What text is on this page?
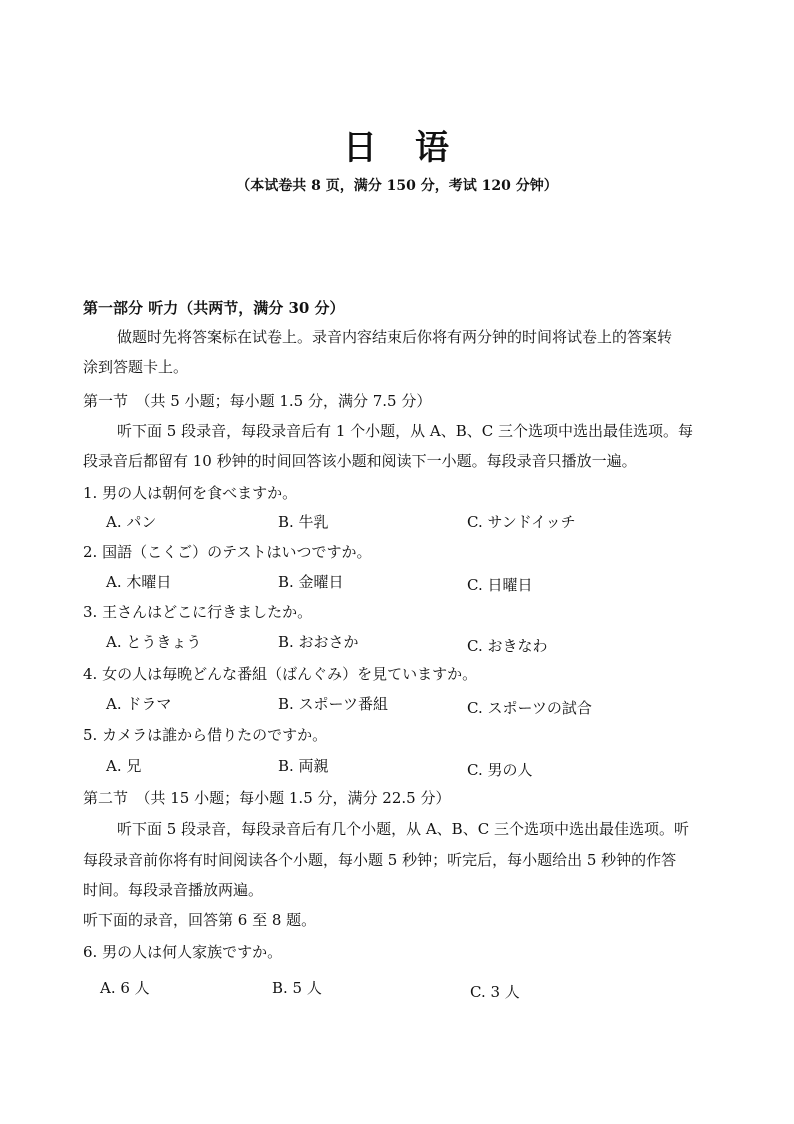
日　语
（本试卷共 8 页，满分 150 分，考试 120 分钟）
第一部分 听力（共两节，满分 30 分）
做题时先将答案标在试卷上。录音内容结束后你将有两分钟的时间将试卷上的答案转
涂到答题卡上。
第一节　（共 5 小题；每小题 1.5 分，满分 7.5 分）
听下面 5 段录音，每段录音后有 1 个小题，从 A、B、C 三个选项中选出最佳选项。每
段录音后都留有 10 秒钟的时间回答该小题和阅读下一小题。每段录音只播放一遍。
1. 男の人は朝何を食べますか。
A. パン	B. 牛乳	C. サンドイッチ
2. 国語（こくご）のテストはいつですか。
A. 木曜日	B. 金曜日	C. 日曜日
3. 王さんはどこに行きましたか。
A. とうきょう	B. おおさか	C. おきなわ
4. 女の人は毎晩どんな番組（ばんぐみ）を見ていますか。
A. ドラマ	B. スポーツ番組	C. スポーツの試合
5. カメラは誰から借りたのですか。
A. 兄	B. 両親	C. 男の人
第二节　（共 15 小题；每小题 1.5 分，满分 22.5 分）
听下面 5 段录音，每段录音后有几个小题，从 A、B、C 三个选项中选出最佳选项。听
每段录音前你将有时间阅读各个小题，每小题 5 秒钟；听完后，每小题给出 5 秒钟的作答
时间。每段录音播放两遍。
听下面的录音，回答第 6 至 8 题。
6. 男の人は何人家族ですか。
A. 6 人	B. 5 人	C. 3 人
